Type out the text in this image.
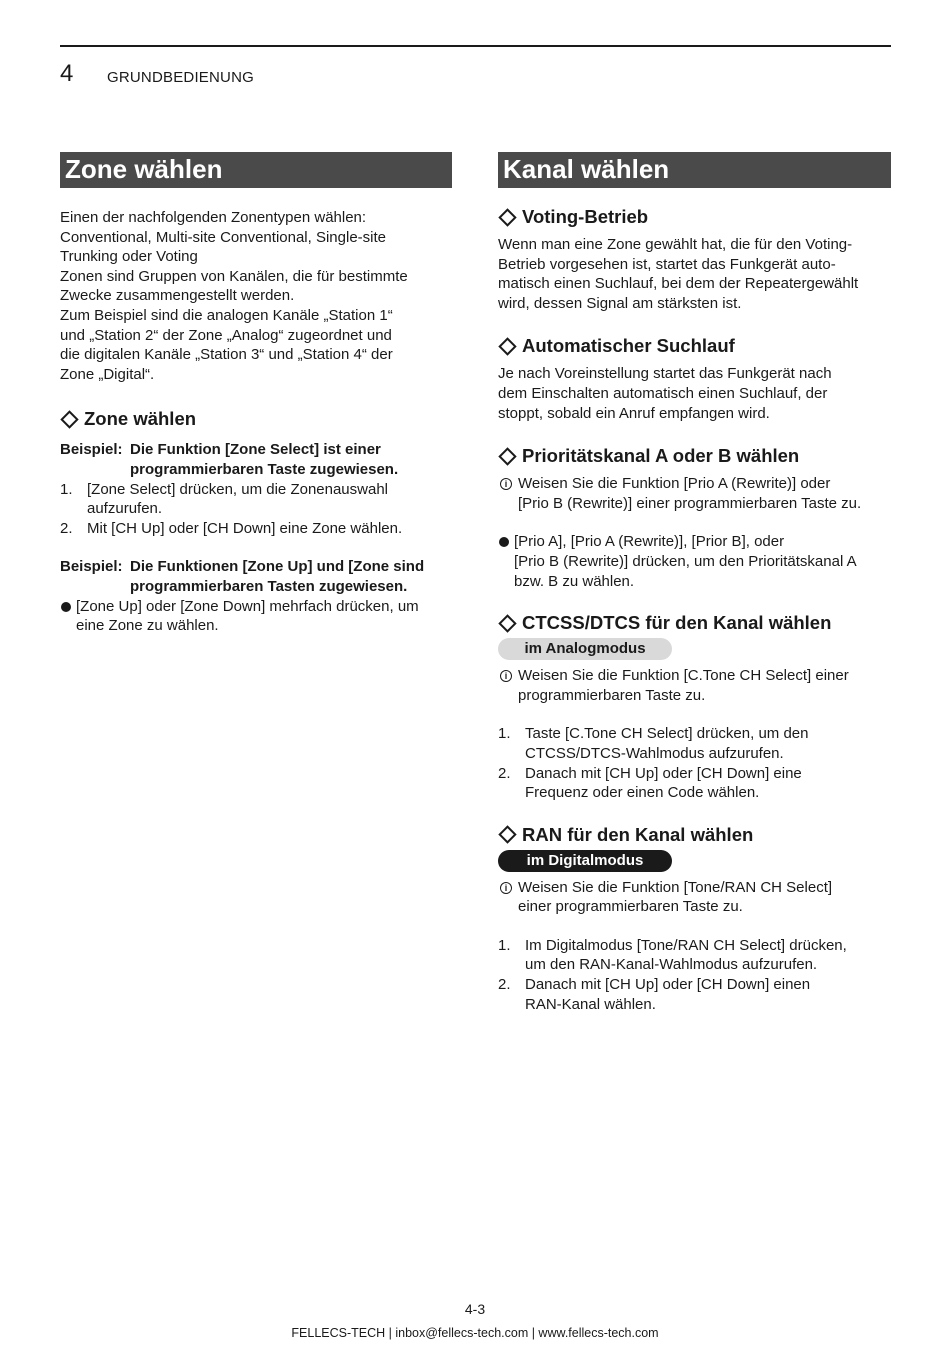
4 GRUNDBEDIENUNG
Zone wählen

Einen der nachfolgenden Zonentypen wählen:

Conventional, Multi-site Conventional, Single-site

Trunking oder Voting

Zonen sind Gruppen von Kanälen, die für bestimmte

Zwecke zusammengestellt werden.

Zum Beispiel sind die analogen Kanäle „Station 1“

und „Station 2“ der Zone „Analog“ zugeordnet und

die digitalen Kanäle „Station 3“ und „Station 4“ der

Zone „Digital“.

Zone wählen
Beispiel: Die Funktion [Zone Select] ist einer
programmierbaren Taste zugewiesen.
1. [Zone Select] drücken, um die Zonenauswahl
aufzurufen.
2. Mit [CH Up] oder [CH Down] eine Zone wählen.
Beispiel: Die Funktionen [Zone Up] und [Zone sind
programmierbaren Tasten zugewiesen.
[Zone Up] oder [Zone Down] mehrfach drücken, um
eine Zone zu wählen.
Kanal wählen
Voting-Betrieb

Wenn man eine Zone gewählt hat, die für den Voting-

Betrieb vorgesehen ist, startet das Funkgerät auto-

matisch einen Suchlauf, bei dem der Repeatergewählt

wird, dessen Signal am stärksten ist.

Automatischer Suchlauf

Je nach Voreinstellung startet das Funkgerät nach

dem Einschalten automatisch einen Suchlauf, der

stoppt, sobald ein Anruf empfangen wird.

Prioritätskanal A oder B wählen
i Weisen Sie die Funktion [Prio A (Rewrite)] oder
[Prio B (Rewrite)] einer programmierbaren Taste zu.
[Prio A], [Prio A (Rewrite)], [Prior B], oder
[Prio B (Rewrite)] drücken, um den Prioritätskanal A
bzw. B zu wählen.
CTCSS/DTCS für den Kanal wählen
im Analogmodus
i Weisen Sie die Funktion [C.Tone CH Select] einer
programmierbaren Taste zu.
1. Taste [C.Tone CH Select] drücken, um den
CTCSS/DTCS-Wahlmodus aufzurufen.
2. Danach mit [CH Up] oder [CH Down] eine
Frequenz oder einen Code wählen.
RAN für den Kanal wählen
im Digitalmodus
i Weisen Sie die Funktion [Tone/RAN CH Select]
einer programmierbaren Taste zu.
1. Im Digitalmodus [Tone/RAN CH Select] drücken,
um den RAN-Kanal-Wahlmodus aufzurufen.
2. Danach mit [CH Up] oder [CH Down] einen
RAN-Kanal wählen.
4-3
FELLECS-TECH | inbox@fellecs-tech.com | www.fellecs-tech.com
